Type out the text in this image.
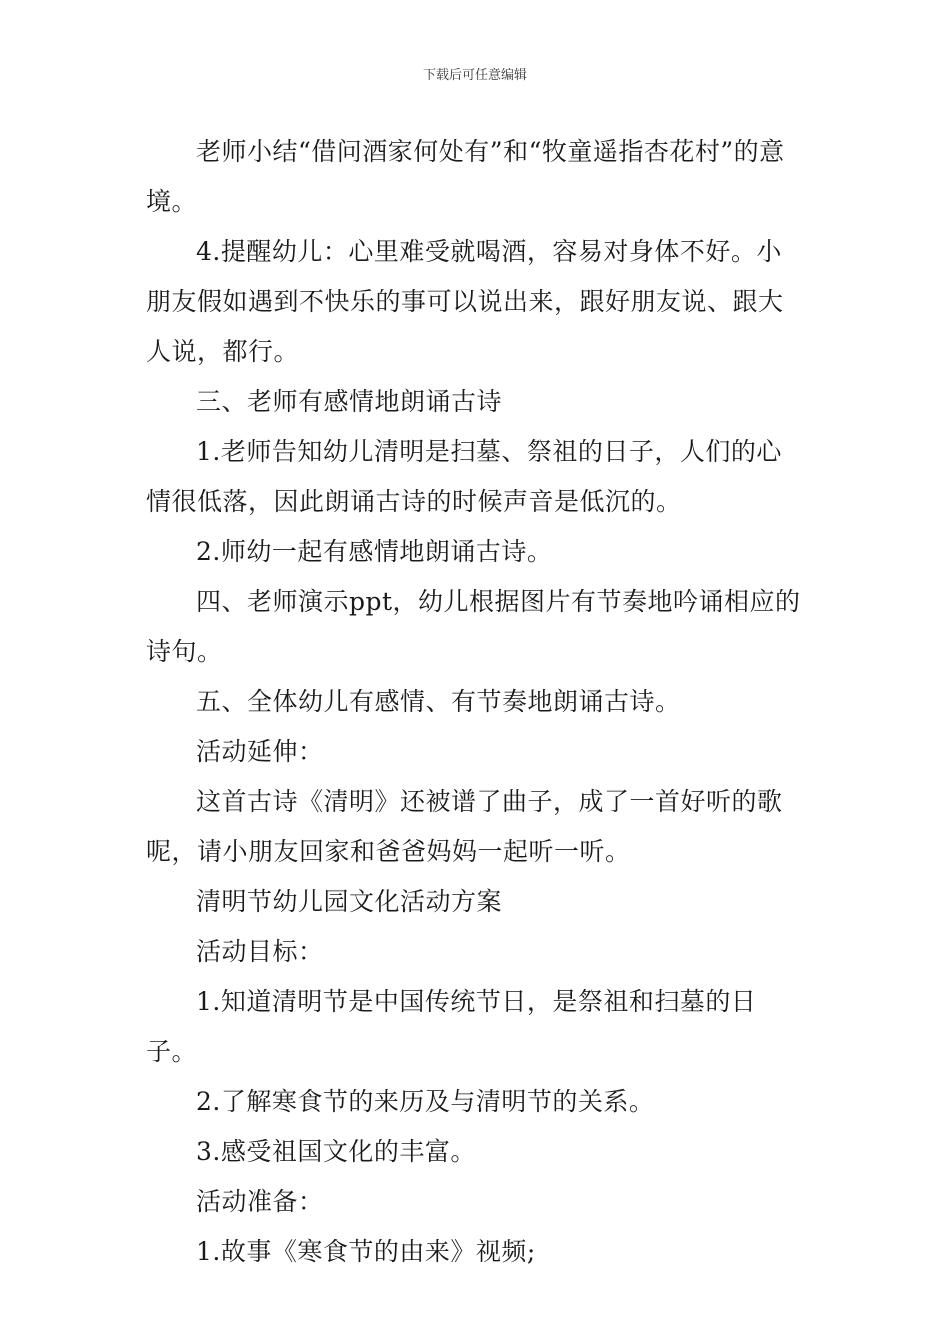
下载后可任意编辑

老师小结“借问酒家何处有”和“牧童遥指杏花村”的意境。

4.提醒幼儿：心里难受就喝酒，容易对身体不好。小朋友假如遇到不快乐的事可以说出来，跟好朋友说、跟大人说，都行。

三、老师有感情地朗诵古诗

1.老师告知幼儿清明是扫墓、祭祖的日子，人们的心情很低落，因此朗诵古诗的时候声音是低沉的。

2.师幼一起有感情地朗诵古诗。

四、老师演示ppt，幼儿根据图片有节奏地吟诵相应的诗句。

五、全体幼儿有感情、有节奏地朗诵古诗。

活动延伸：

这首古诗《清明》还被谱了曲子，成了一首好听的歌呢，请小朋友回家和爸爸妈妈一起听一听。

清明节幼儿园文化活动方案

活动目标：

1.知道清明节是中国传统节日，是祭祖和扫墓的日子。

2.了解寒食节的来历及与清明节的关系。

3.感受祖国文化的丰富。

活动准备：

1.故事《寒食节的由来》视频;
